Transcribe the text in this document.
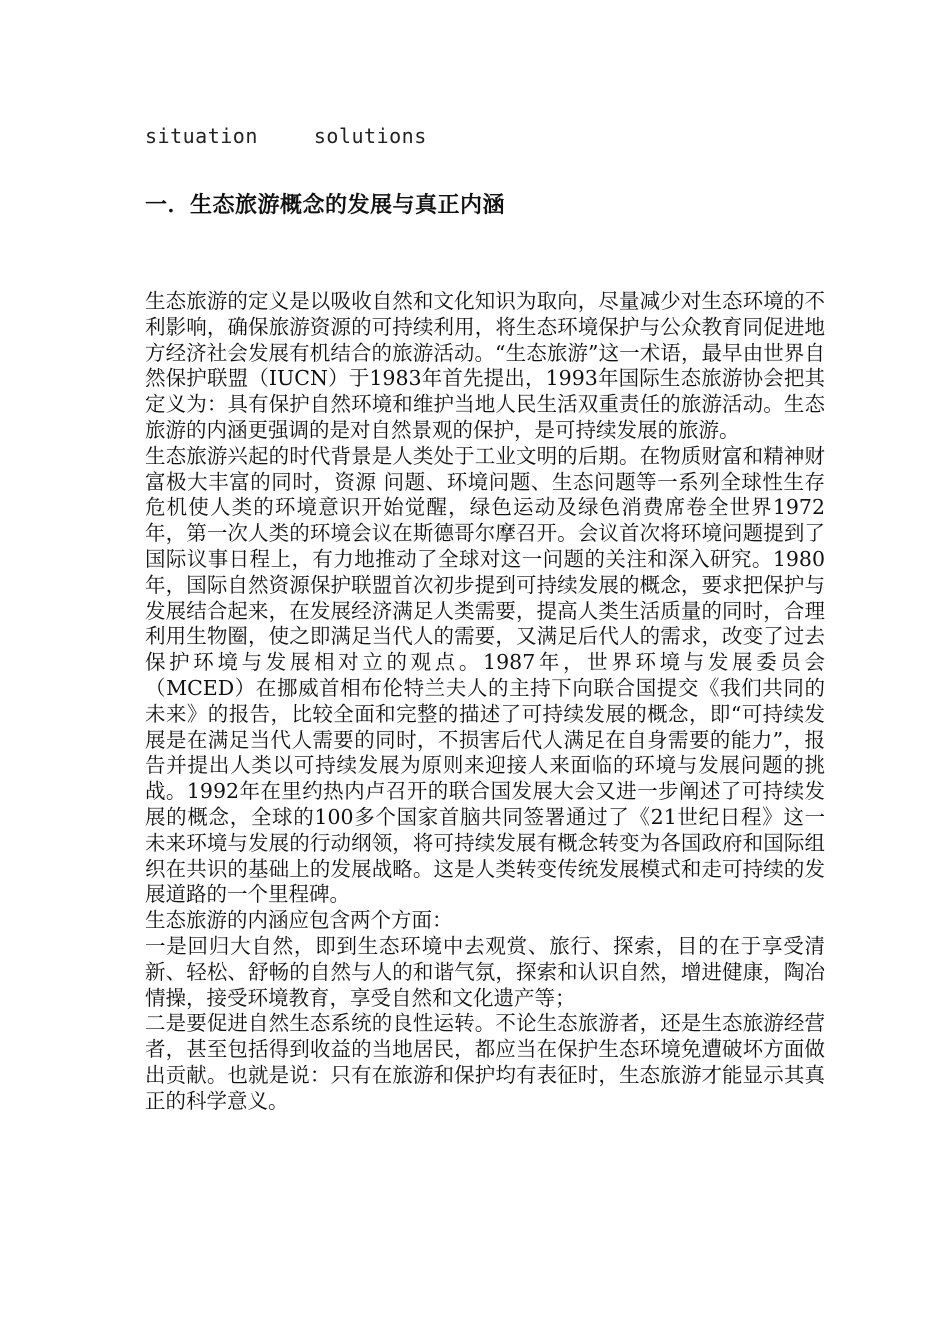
situation	solutions
一．生态旅游概念的发展与真正内涵

生态旅游的定义是以吸收自然和文化知识为取向，尽量减少对生态环境的不利影响，确保旅游资源的可持续利用，将生态环境保护与公众教育同促进地方经济社会发展有机结合的旅游活动。“生态旅游”这一术语，最早由世界自然保护联盟（IUCN）于1983年首先提出，1993年国际生态旅游协会把其定义为：具有保护自然环境和维护当地人民生活双重责任的旅游活动。生态旅游的内涵更强调的是对自然景观的保护，是可持续发展的旅游。

生态旅游兴起的时代背景是人类处于工业文明的后期。在物质财富和精神财富极大丰富的同时，资源 问题、环境问题、生态问题等一系列全球性生存危机使人类的环境意识开始觉醒，绿色运动及绿色消费席卷全世界1972年，第一次人类的环境会议在斯德哥尔摩召开。会议首次将环境问题提到了国际议事日程上，有力地推动了全球对这一问题的关注和深入研究。1980年，国际自然资源保护联盟首次初步提到可持续发展的概念，要求把保护与发展结合起来，在发展经济满足人类需要，提高人类生活质量的同时，合理利用生物圈，使之即满足当代人的需要，又满足后代人的需求，改变了过去保护环境与发展相对立的观点。1987年，世界环境与发展委员会（MCED）在挪威首相布伦特兰夫人的主持下向联合国提交《我们共同的未来》的报告，比较全面和完整的描述了可持续发展的概念，即“可持续发展是在满足当代人需要的同时，不损害后代人满足在自身需要的能力”，报告并提出人类以可持续发展为原则来迎接人来面临的环境与发展问题的挑战。1992年在里约热内卢召开的联合国发展大会又进一步阐述了可持续发展的概念，全球的100多个国家首脑共同签署通过了《21世纪日程》这一未来环境与发展的行动纲领，将可持续发展有概念转变为各国政府和国际组织在共识的基础上的发展战略。这是人类转变传统发展模式和走可持续的发展道路的一个里程碑。

生态旅游的内涵应包含两个方面：

一是回归大自然，即到生态环境中去观赏、旅行、探索，目的在于享受清新、轻松、舒畅的自然与人的和谐气氛，探索和认识自然，增进健康，陶冶情操，接受环境教育，享受自然和文化遗产等；

二是要促进自然生态系统的良性运转。不论生态旅游者，还是生态旅游经营者，甚至包括得到收益的当地居民，都应当在保护生态环境免遭破坏方面做出贡献。也就是说：只有在旅游和保护均有表征时，生态旅游才能显示其真正的科学意义。
